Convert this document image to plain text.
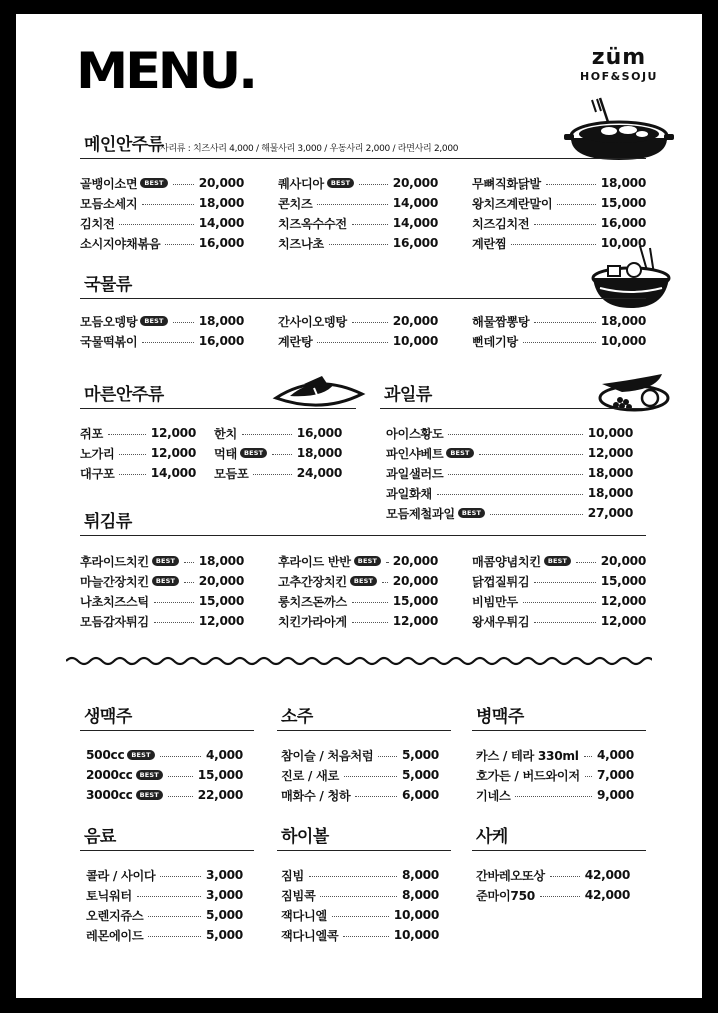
MENU.	züm
HOF&SOJU
메인안주류
사리류 : 치즈사리 4,000 / 해물사리 3,000 / 우동사리 2,000 / 라면사리 2,000
골뱅이소면	BEST	20,000
모듬소세지	18,000
김치전	14,000
소시지야채볶음	16,000
퀘사디아	BEST	20,000
콘치즈	14,000
치즈옥수수전	14,000
치즈나초	16,000
무뼈직화닭발	18,000
왕치즈계란말이	15,000
치즈김치전	16,000
계란찜	10,000
국물류
모듬오뎅탕	BEST	18,000
국물떡볶이	16,000
간사이오뎅탕	20,000
계란탕	10,000
해물짬뽕탕	18,000
뻔데기탕	10,000
마른안주류
쥐포	12,000
노가리	12,000
대구포	14,000
한치	16,000
먹태	BEST	18,000
모듬포	24,000
과일류
아이스황도	10,000
파인샤베트	BEST	12,000
과일샐러드	18,000
과일화채	18,000
모듬제철과일	BEST	27,000
튀김류
후라이드치킨	BEST	18,000
마늘간장치킨	BEST	20,000
나초치즈스틱	15,000
모듬감자튀김	12,000
후라이드 반반	BEST	20,000
고추간장치킨	BEST	20,000
롱치즈돈까스	15,000
치킨가라아게	12,000
매콤양념치킨	BEST	20,000
닭껍질튀김	15,000
비빔만두	12,000
왕새우튀김	12,000
생맥주
500cc	BEST	4,000
2000cc	BEST	15,000
3000cc	BEST	22,000
소주
참이슬 / 처음처럼 5,000
진로 / 새로	5,000
매화수 / 청하	6,000
병맥주
카스 / 테라 330ml 4,000
호가든 / 버드와이저 7,000
기네스	9,000
음료
콜라 / 사이다	3,000
토닉워터	3,000
오렌지쥬스	5,000
레몬에이드	5,000
하이볼
짐빔	8,000
짐빔콕	8,000
잭다니엘	10,000
잭다니엘콕	10,000
사케
간바레오또상	42,000
준마이750	42,000
